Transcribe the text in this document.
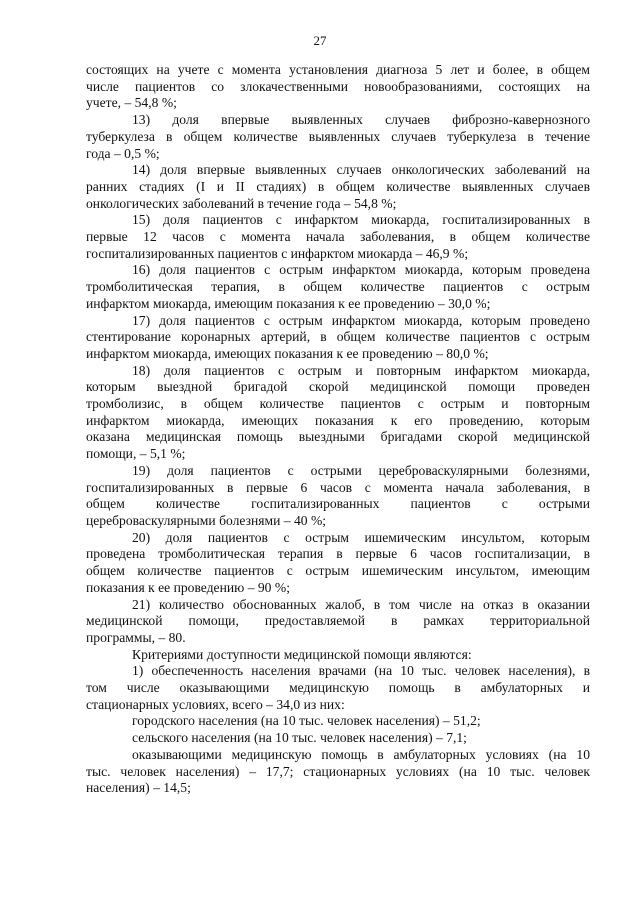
27
состоящих на учете с момента установления диагноза 5 лет и более, в общем
числе пациентов со злокачественными новообразованиями, состоящих на
учете, – 54,8 %;
13) доля впервые выявленных случаев фиброзно-кавернозного
туберкулеза в общем количестве выявленных случаев туберкулеза в течение
года – 0,5 %;
14) доля впервые выявленных случаев онкологических заболеваний на
ранних стадиях (I и II стадиях) в общем количестве выявленных случаев
онкологических заболеваний в течение года – 54,8 %;
15) доля пациентов с инфарктом миокарда, госпитализированных в
первые 12 часов с момента начала заболевания, в общем количестве
госпитализированных пациентов с инфарктом миокарда – 46,9 %;
16) доля пациентов с острым инфарктом миокарда, которым проведена
тромболитическая терапия, в общем количестве пациентов с острым
инфарктом миокарда, имеющим показания к ее проведению – 30,0 %;
17) доля пациентов с острым инфарктом миокарда, которым проведено
стентирование коронарных артерий, в общем количестве пациентов с острым
инфарктом миокарда, имеющих показания к ее проведению – 80,0 %;
18) доля пациентов с острым и повторным инфарктом миокарда,
которым выездной бригадой скорой медицинской помощи проведен
тромболизис, в общем количестве пациентов с острым и повторным
инфарктом миокарда, имеющих показания к его проведению, которым
оказана медицинская помощь выездными бригадами скорой медицинской
помощи, – 5,1 %;
19) доля пациентов с острыми цереброваскулярными болезнями,
госпитализированных в первые 6 часов с момента начала заболевания, в
общем количестве госпитализированных пациентов с острыми
цереброваскулярными болезнями – 40 %;
20) доля пациентов с острым ишемическим инсультом, которым
проведена тромболитическая терапия в первые 6 часов госпитализации, в
общем количестве пациентов с острым ишемическим инсультом, имеющим
показания к ее проведению – 90 %;
21) количество обоснованных жалоб, в том числе на отказ в оказании
медицинской помощи, предоставляемой в рамках территориальной
программы, – 80.
Критериями доступности медицинской помощи являются:
1) обеспеченность населения врачами (на 10 тыс. человек населения), в
том числе оказывающими медицинскую помощь в амбулаторных и
стационарных условиях, всего – 34,0 из них:
городского населения (на 10 тыс. человек населения) – 51,2;
сельского населения (на 10 тыс. человек населения) – 7,1;
оказывающими медицинскую помощь в амбулаторных условиях (на 10
тыс. человек населения) – 17,7; стационарных условиях (на 10 тыс. человек
населения) – 14,5;
